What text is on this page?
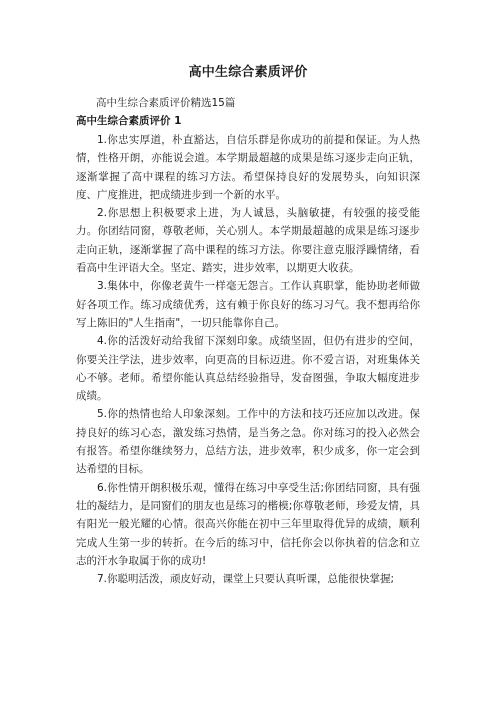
高中生综合素质评价
高中生综合素质评价精选15篇
高中生综合素质评价 1

1.你忠实厚道，朴直豁达，自信乐群是你成功的前提和保证。为人热情，性格开朗，亦能说会道。本学期最超越的成果是练习逐步走向正轨，逐渐掌握了高中课程的练习方法。希望保持良好的发展势头，向知识深度、广度推进，把成绩进步到一个新的水平。

2.你思想上积极要求上进，为人诚恳，头脑敏捷，有较强的接受能力。你团结同窗，尊敬老师，关心别人。本学期最超越的成果是练习逐步走向正轨，逐渐掌握了高中课程的练习方法。你要注意克服浮躁情绪，看看高中生评语大全。坚定、踏实，进步效率，以期更大收获。

3.集体中，你像老黄牛一样毫无怨言。工作认真职掌，能协助老师做好各项工作。练习成绩优秀，这有赖于你良好的练习习气。我不想再给你写上陈旧的"人生指南"，一切只能靠你自己。

4.你的活泼好动给我留下深刻印象。成绩坚固，但仍有进步的空间，你要关注学法，进步效率，向更高的目标迈进。你不爱言语，对班集体关心不够。老师。希望你能认真总结经验指导，发奋图强，争取大幅度进步成绩。

5.你的热情也给人印象深刻。工作中的方法和技巧还应加以改进。保持良好的练习心态，激发练习热情，是当务之急。你对练习的投入必然会有报答。希望你继续努力，总结方法，进步效率，积少成多，你一定会到达希望的目标。

6.你性情开朗积极乐观，懂得在练习中享受生活;你团结同窗，具有强壮的凝结力，是同窗们的朋友也是练习的楷模;你尊敬老师，珍爱友情，具有阳光一般光耀的心情。很高兴你能在初中三年里取得优异的成绩，顺利完成人生第一步的转折。在今后的练习中，信托你会以你执着的信念和立志的汗水争取属于你的成功!

7.你聪明活泼，顽皮好动，课堂上只要认真听课，总能很快掌握;
